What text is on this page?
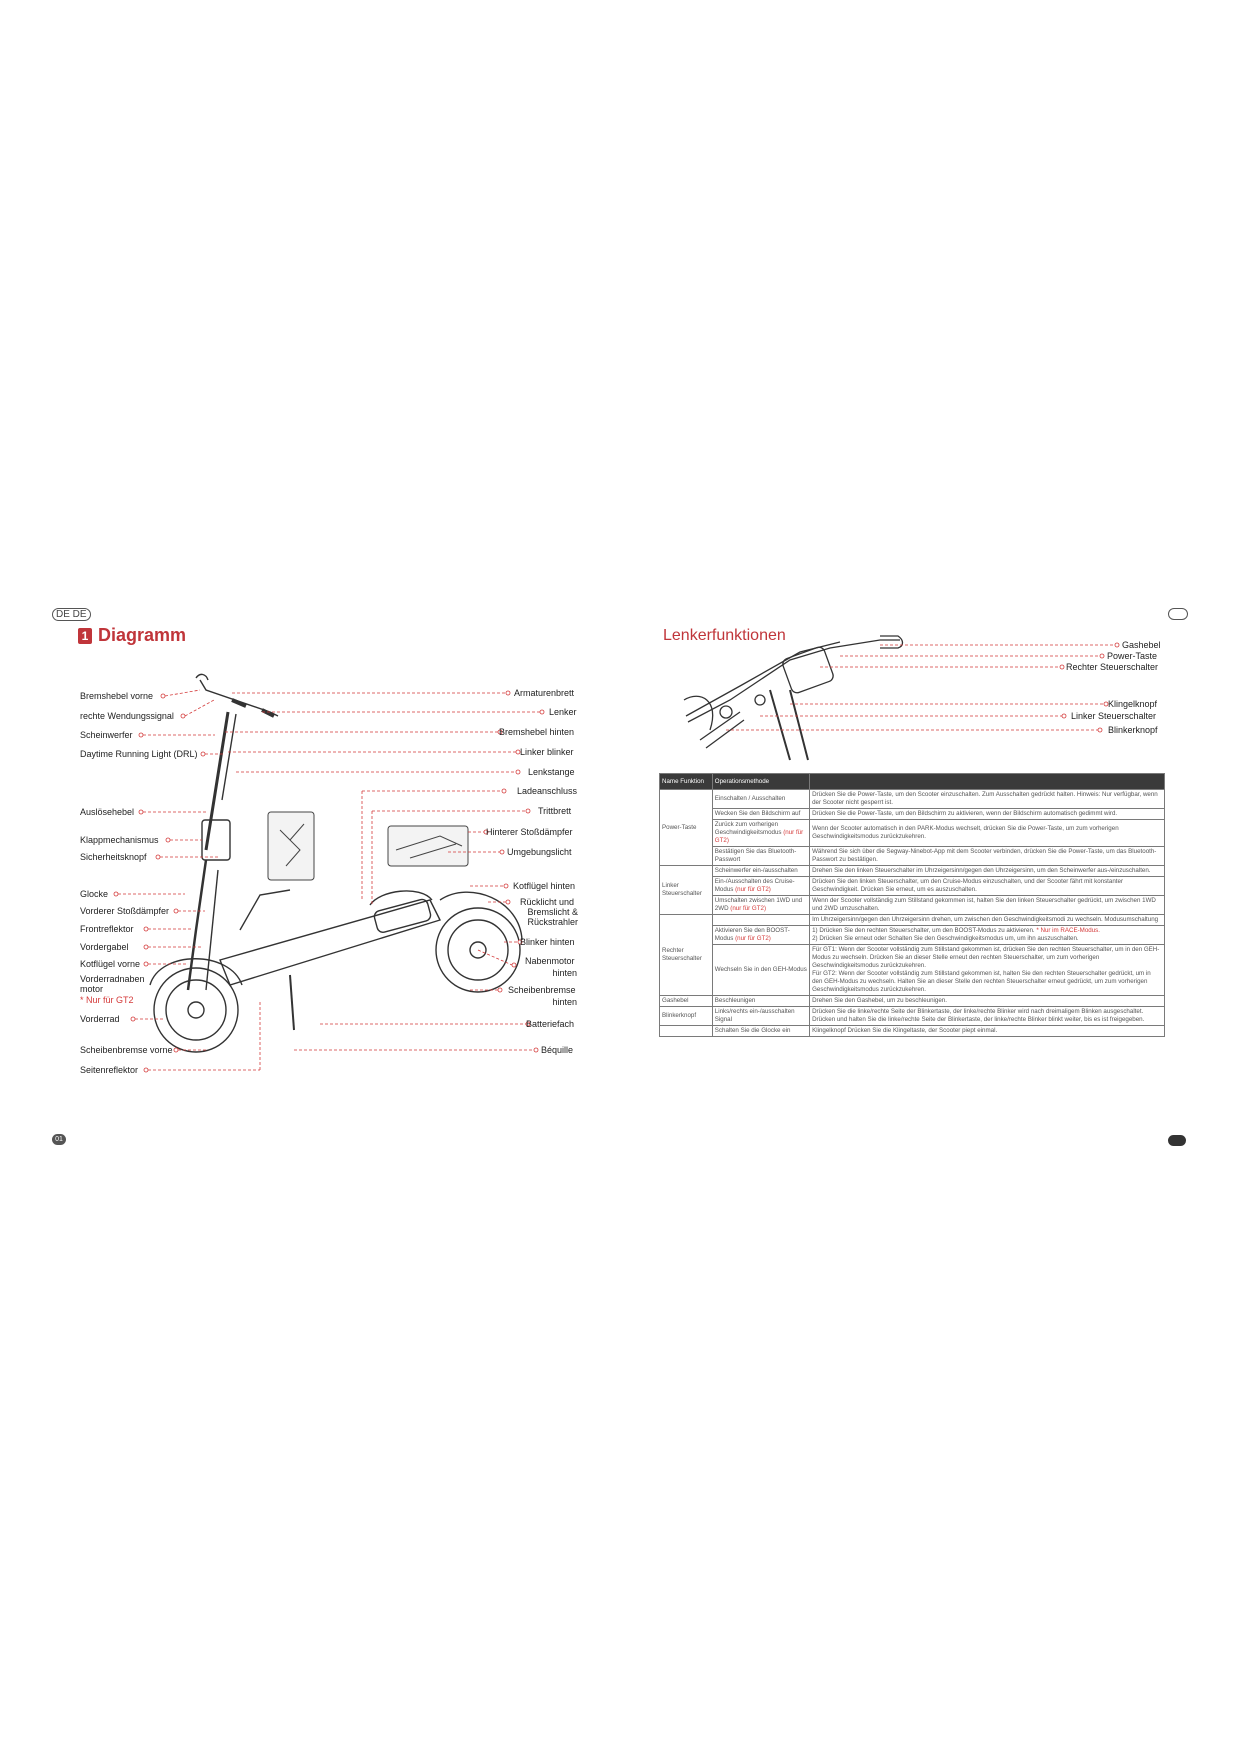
DE DE
01
1 Diagramm
Bremshebel vorne
rechte Wendungssignal
Scheinwerfer
Daytime Running Light (DRL)
Auslösehebel
Klappmechanismus
Sicherheitsknopf
Glocke
Vorderer Stoßdämpfer
Frontreflektor
Vordergabel
Kotflügel vorne
Vorderradnaben
motor
* Nur für GT2
Vorderrad
Scheibenbremse vorne
Seitenreflektor
Armaturenbrett
Lenker
Bremshebel hinten
Linker blinker
Lenkstange
Ladeanschluss
Trittbrett
Hinterer Stoßdämpfer
Umgebungslicht
Kotflügel hinten
Rücklicht und
Bremslicht &
Rückstrahler
Blinker hinten
Nabenmotor
hinten
Scheibenbremse
hinten
Batteriefach
Béquille
Lenkerfunktionen
Gashebel
Power-Taste
Rechter Steuerschalter
Klingelknopf
Linker Steuerschalter
Blinkerknopf
Name Funktion	Operationsmethode	
Power-Taste	Einschalten / Ausschalten	Drücken Sie die Power-Taste, um den Scooter einzuschalten. Zum Ausschalten gedrückt halten. Hinweis: Nur verfügbar, wenn der Scooter nicht gesperrt ist.
	Wecken Sie den Bildschirm auf	Drücken Sie die Power-Taste, um den Bildschirm zu aktivieren, wenn der Bildschirm automatisch gedimmt wird.
	Zurück zum vorherigen Geschwindigkeitsmodus (nur für GT2)	Wenn der Scooter automatisch in den PARK-Modus wechselt, drücken Sie die Power-Taste, um zum vorherigen Geschwindigkeitsmodus zurückzukehren.
	Bestätigen Sie das Bluetooth-Passwort	Während Sie sich über die Segway-Ninebot-App mit dem Scooter verbinden, drücken Sie die Power-Taste, um das Bluetooth-Passwort zu bestätigen.
Linker Steuerschalter	Scheinwerfer ein-/ausschalten	Drehen Sie den linken Steuerschalter im Uhrzeigersinn/gegen den Uhrzeigersinn, um den Scheinwerfer aus-/einzuschalten.
	Ein-/Ausschalten des Cruise-Modus (nur für GT2)	Drücken Sie den linken Steuerschalter, um den Cruise-Modus einzuschalten, und der Scooter fährt mit konstanter Geschwindigkeit. Drücken Sie erneut, um es auszuschalten.
	Umschalten zwischen 1WD und 2WD (nur für GT2)	Wenn der Scooter vollständig zum Stillstand gekommen ist, halten Sie den linken Steuerschalter gedrückt, um zwischen 1WD und 2WD umzuschalten.
Rechter Steuerschalter		Im Uhrzeigersinn/gegen den Uhrzeigersinn drehen, um zwischen den Geschwindigkeitsmodi zu wechseln. Modusumschaltung
	Aktivieren Sie den BOOST-Modus (nur für GT2)	1) Drücken Sie den rechten Steuerschalter, um den BOOST-Modus zu aktivieren. * Nur im RACE-Modus.
2) Drücken Sie erneut oder Schalten Sie den Geschwindigkeitsmodus um, um ihn auszuschalten.
	Wechseln Sie in den GEH-Modus	Für GT1: Wenn der Scooter vollständig zum Stillstand gekommen ist, drücken Sie den rechten Steuerschalter, um in den GEH-Modus zu wechseln. Drücken Sie an dieser Stelle erneut den rechten Steuerschalter, um zum vorherigen Geschwindigkeitsmodus zurückzukehren.
Für GT2: Wenn der Scooter vollständig zum Stillstand gekommen ist, halten Sie den rechten Steuerschalter gedrückt, um in den GEH-Modus zu wechseln. Halten Sie an dieser Stelle den rechten Steuerschalter erneut gedrückt, um zum vorherigen Geschwindigkeitsmodus zurückzukehren.
Gashebel	Beschleunigen	Drehen Sie den Gashebel, um zu beschleunigen.
Blinkerknopf	Links/rechts ein-/ausschalten Signal	Drücken Sie die linke/rechte Seite der Blinkertaste, der linke/rechte Blinker wird nach dreimaligem Blinken ausgeschaltet.
Drücken und halten Sie die linke/rechte Seite der Blinkertaste, der linke/rechte Blinker blinkt weiter, bis es ist freigegeben.
	Schalten Sie die Glocke ein	Klingelknopf Drücken Sie die Klingeltaste, der Scooter piept einmal.
